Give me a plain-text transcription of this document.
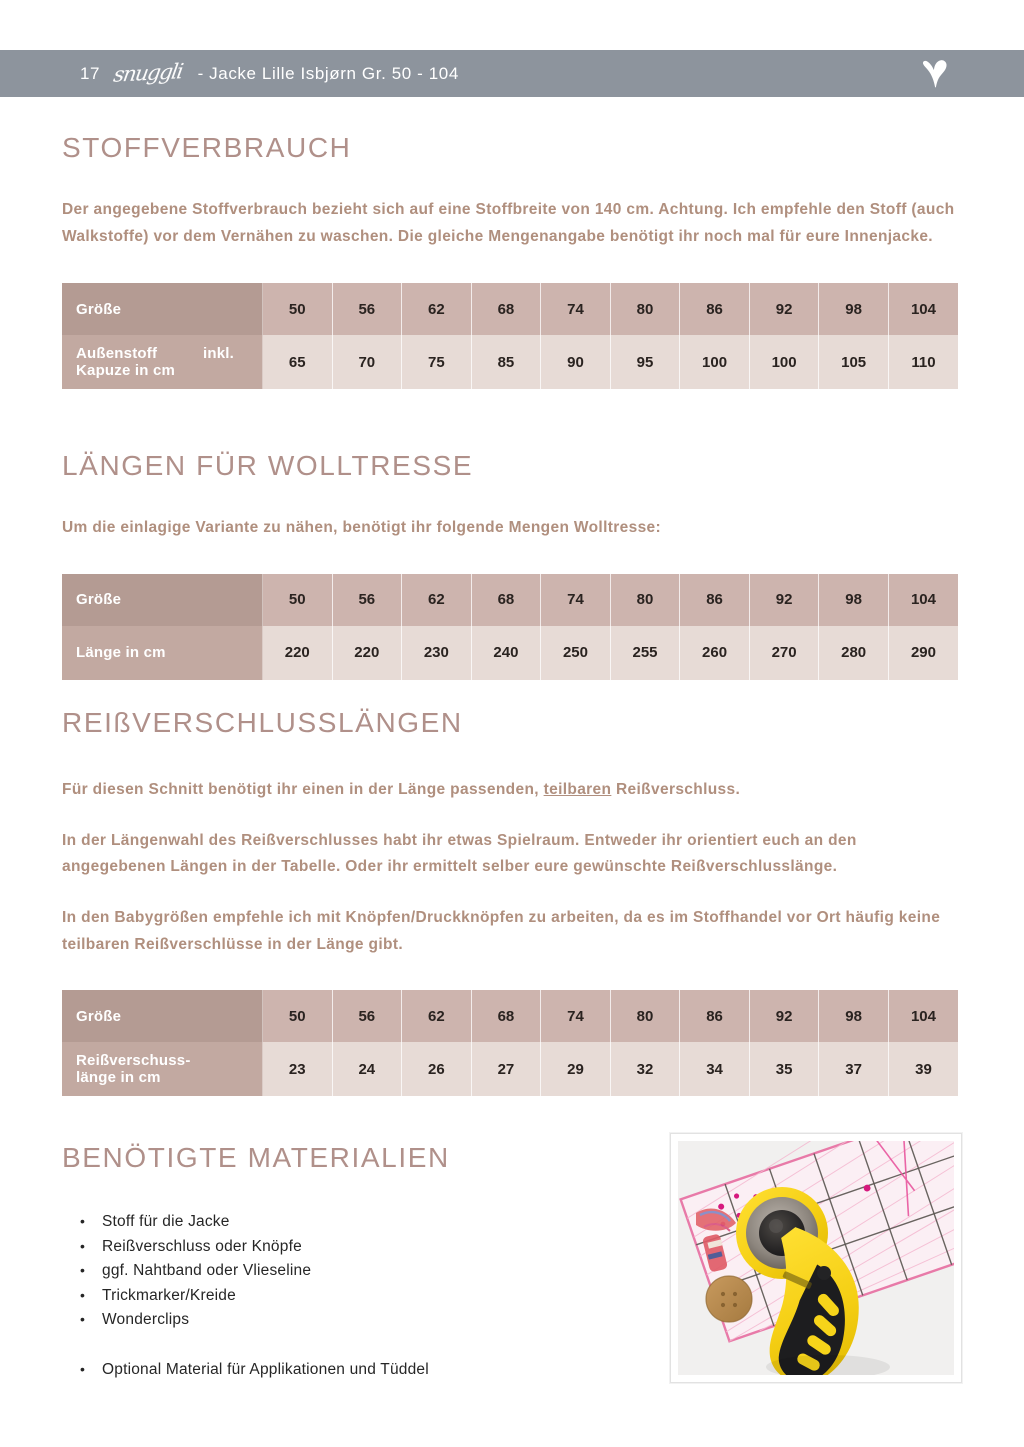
17 snuggli - Jacke Lille Isbjørn Gr. 50 - 104
STOFFVERBRAUCH

Der angegebene Stoffverbrauch bezieht sich auf eine Stoffbreite von 140 cm. Achtung. Ich empfehle den Stoff (auch Walkstoffe) vor dem Vernähen zu waschen. Die gleiche Mengenangabe benötigt ihr noch mal für eure Innenjacke.

Größe	50	56	62	68	74	80	86	92	98	104

Außenstoff inkl.
Kapuze in cm	65	70	75	85	90	95	100	100	105	110
LÄNGEN FÜR WOLLTRESSE

Um die einlagige Variante zu nähen, benötigt ihr folgende Mengen Wolltresse:

Größe	50	56	62	68	74	80	86	92	98	104

Länge in cm	220	220	230	240	250	255	260	270	280	290
REIßVERSCHLUSSLÄNGEN

Für diesen Schnitt benötigt ihr einen in der Länge passenden, teilbaren Reißverschluss.

In der Längenwahl des Reißverschlusses habt ihr etwas Spielraum. Entweder ihr orientiert euch an den angegebenen Längen in der Tabelle. Oder ihr ermittelt selber eure gewünschte Reißverschlusslänge.

In den Babygrößen empfehle ich mit Knöpfen/Druckknöpfen zu arbeiten, da es im Stoffhandel vor Ort häufig keine teilbaren Reißverschlüsse in der Länge gibt.

Größe	50	56	62	68	74	80	86	92	98	104

Reißverschuss-
länge in cm	23	24	26	27	29	32	34	35	37	39
BENÖTIGTE MATERIALIEN
• Stoff für die Jacke
• Reißverschluss oder Knöpfe
• ggf. Nahtband oder Vlieseline
• Trickmarker/Kreide
• Wonderclips
• Optional Material für Applikationen und Tüddel
